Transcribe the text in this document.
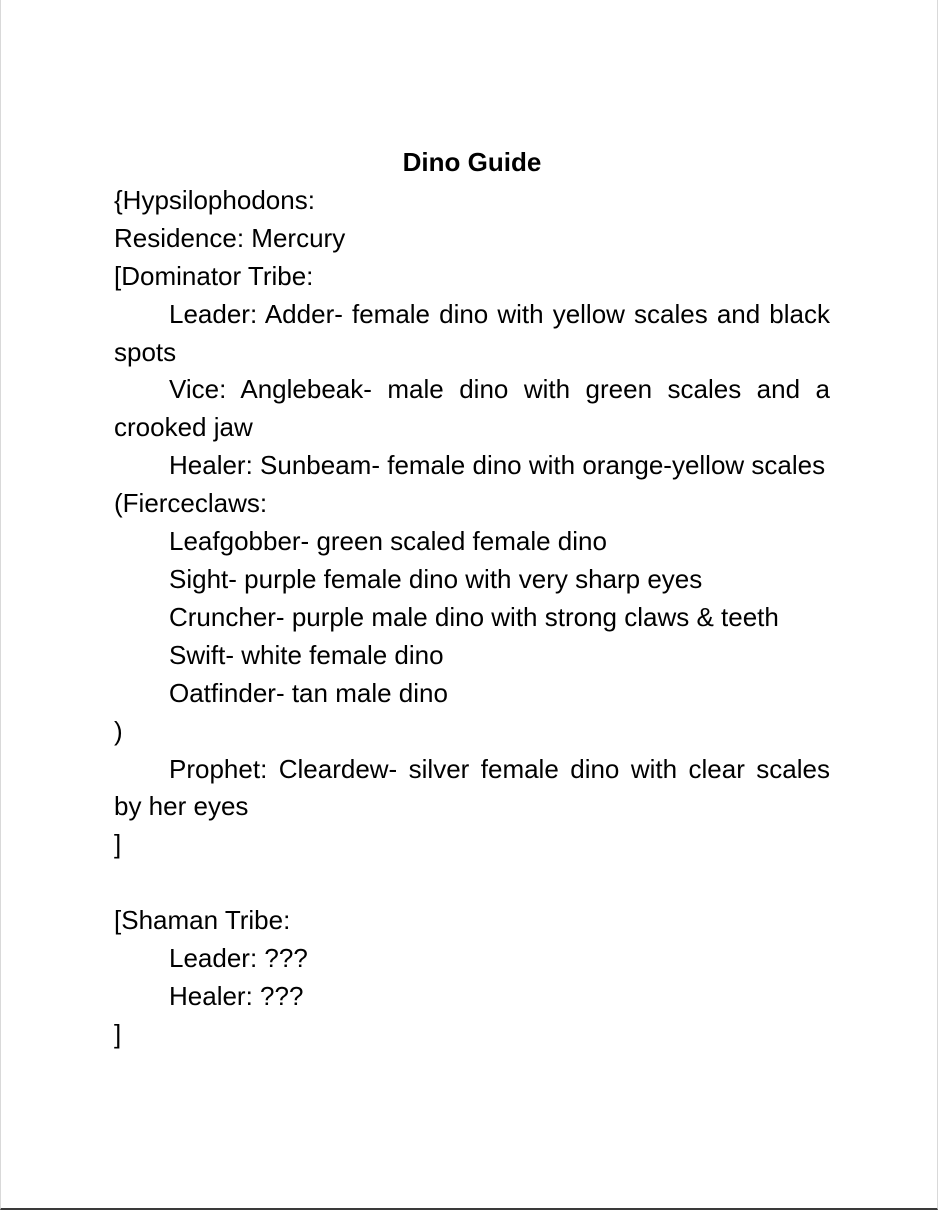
Dino Guide

{Hypsilophodons:

Residence: Mercury

[Dominator Tribe:

Leader: Adder- female dino with yellow scales and black spots

Vice: Anglebeak- male dino with green scales and a crooked jaw

Healer: Sunbeam- female dino with orange-yellow scales

(Fierceclaws:

Leafgobber- green scaled female dino

Sight- purple female dino with very sharp eyes

Cruncher- purple male dino with strong claws & teeth

Swift- white female dino

Oatfinder- tan male dino

)

Prophet: Cleardew- silver female dino with clear scales by her eyes

]

[Shaman Tribe:

Leader: ???

Healer: ???

]
